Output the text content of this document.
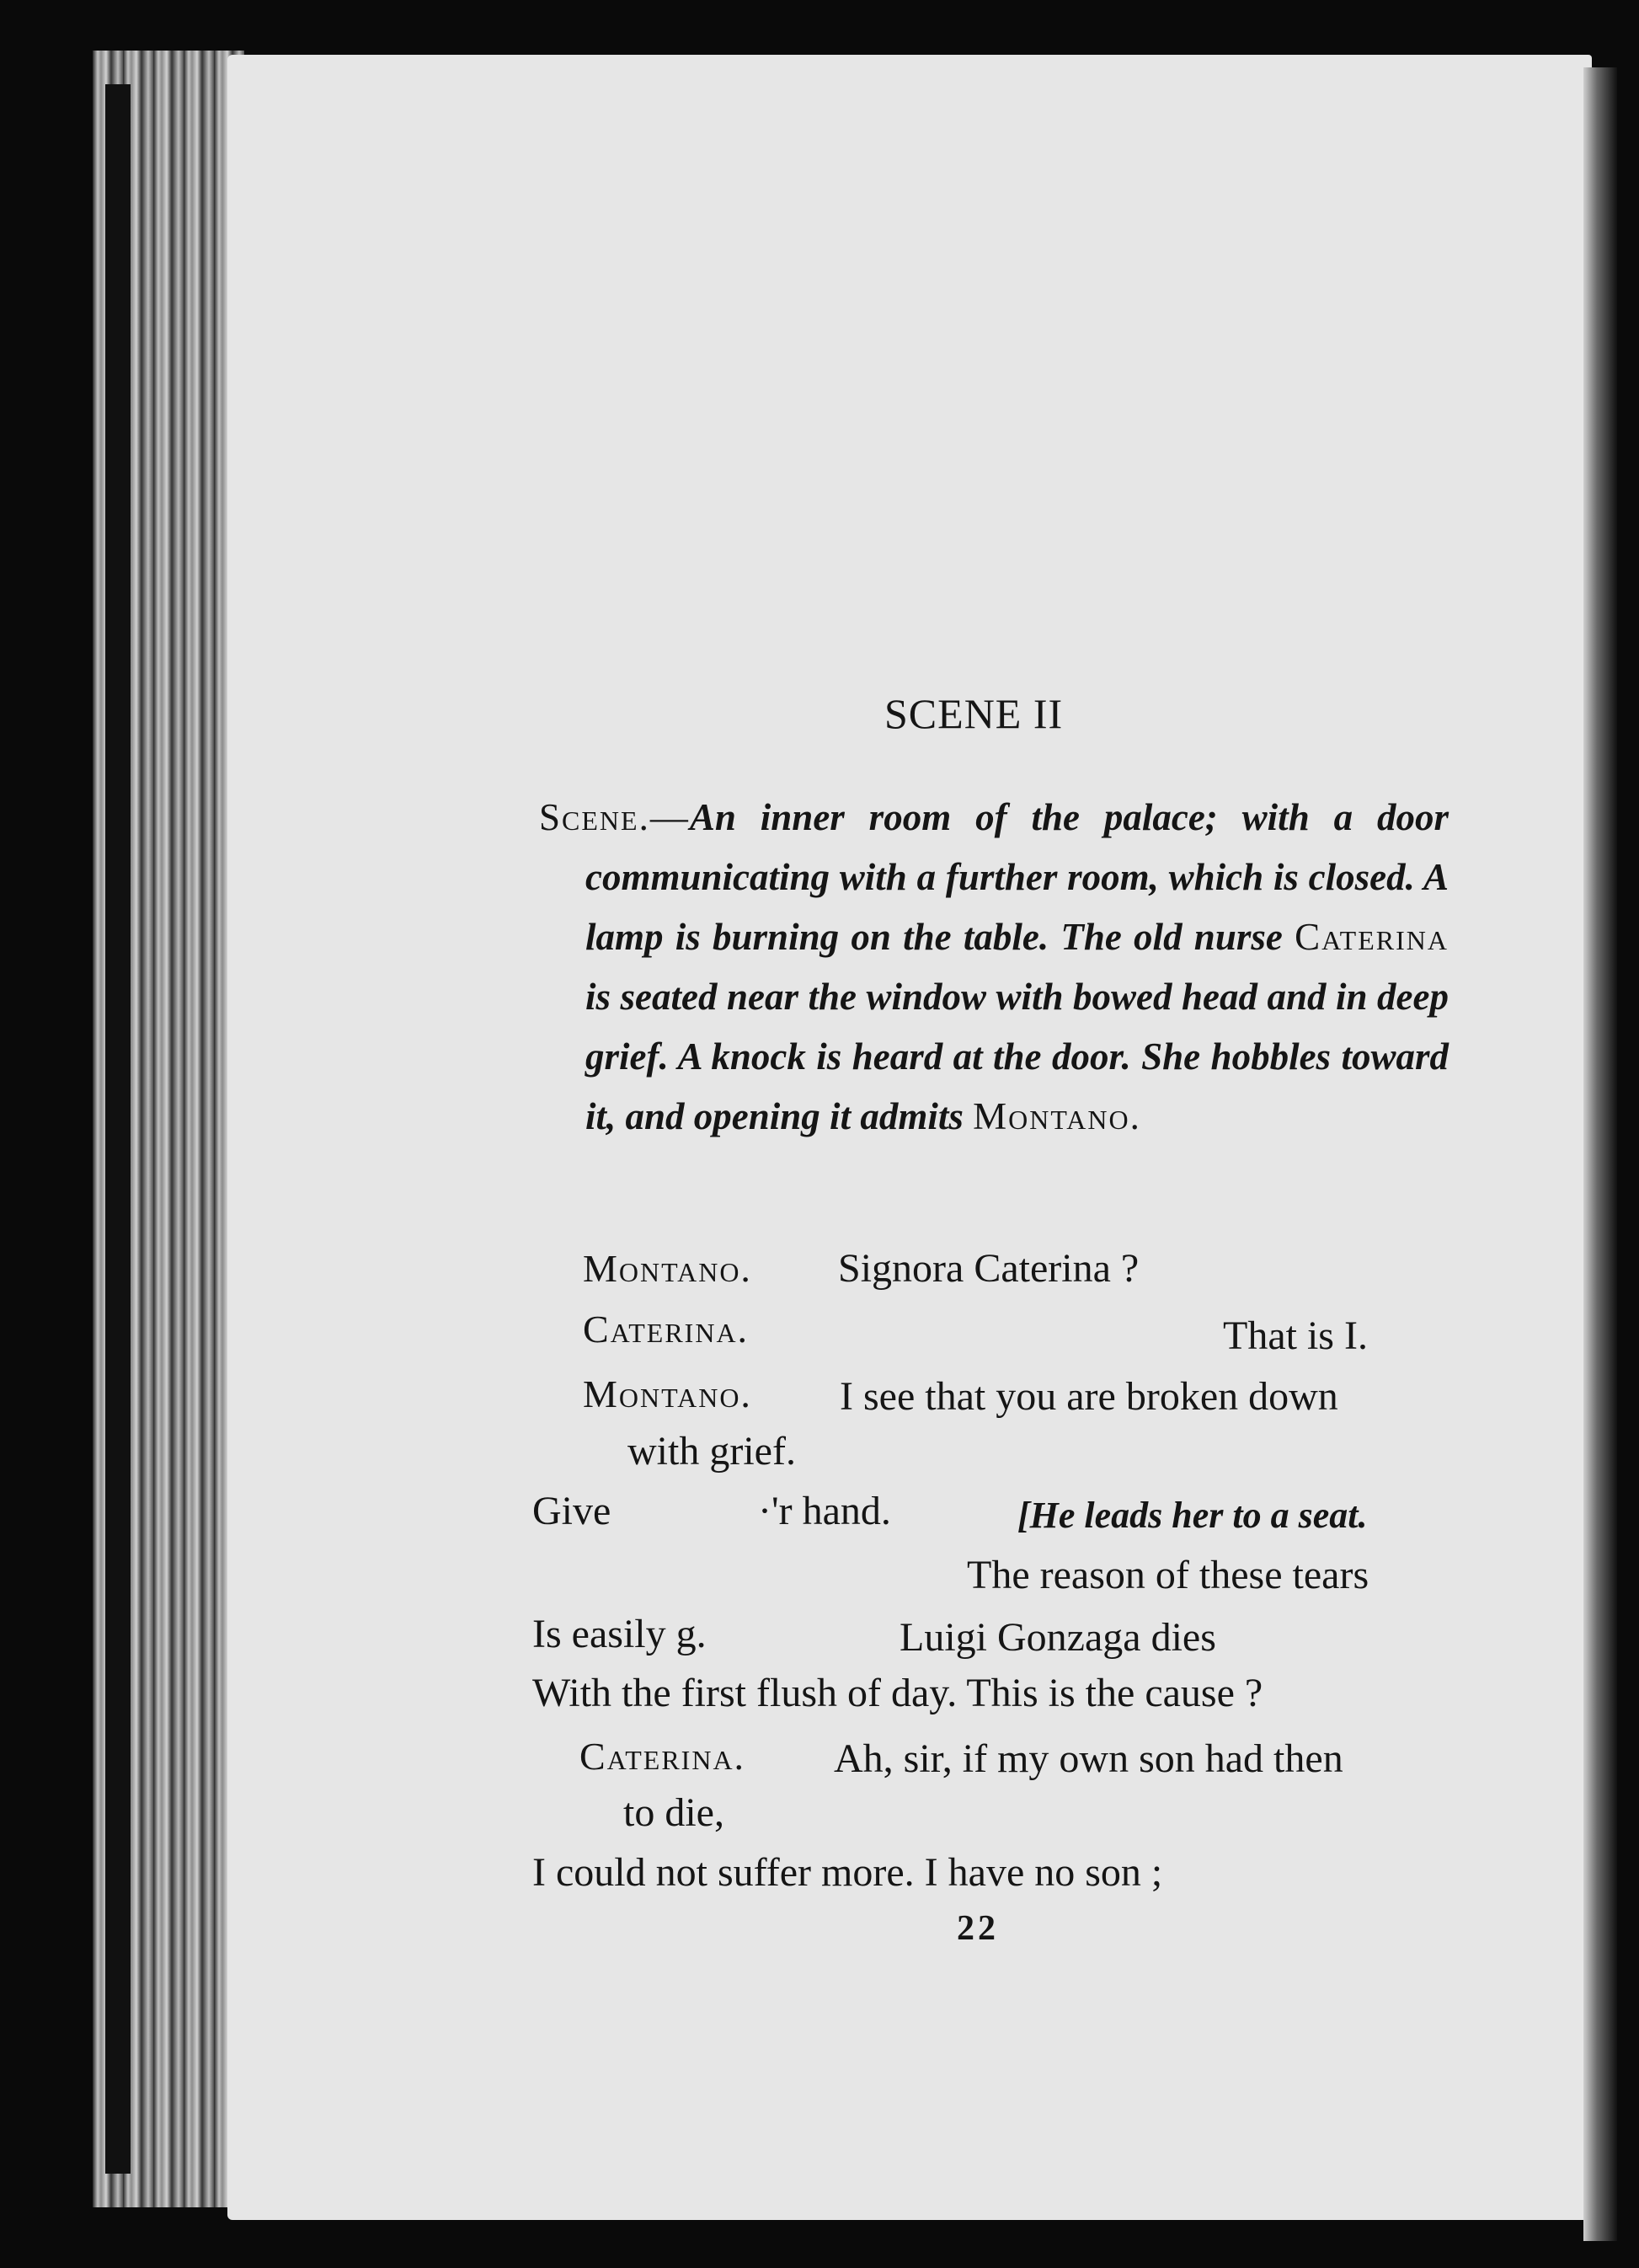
SCENE II
Scene.—An inner room of the palace; with a door communicating with a further room, which is closed. A lamp is burning on the table. The old nurse Caterina is seated near the window with bowed head and in deep grief. A knock is heard at the door. She hobbles toward it, and opening it admits Montano.
Montano. Signora Caterina ?
Caterina.	That is I.
Montano. I see that you are broken down
with grief.
Give	·'r hand.	[He leads her to a seat.
The reason of these tears
Is easily g.	Luigi Gonzaga dies
With the first flush of day. This is the cause ?
Caterina. Ah, sir, if my own son had then
to die,
I could not suffer more. I have no son ;
22
